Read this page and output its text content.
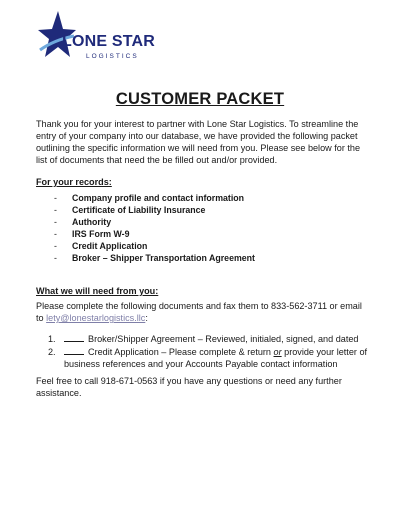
LONE STAR
LOGISTICS
CUSTOMER PACKET
Thank you for your interest to partner with Lone Star Logistics. To streamline the entry of your company into our database, we have provided the following packet outlining the specific information we will need from you. Please see below for the list of documents that need the be filled out and/or provided.
For your records:
- Company profile and contact information
- Certificate of Liability Insurance
- Authority
- IRS Form W-9
- Credit Application
- Broker – Shipper Transportation Agreement
What we will need from you:
Please complete the following documents and fax them to 833-562-3711 or email to lety@lonestarlogistics.llc:
1.	Broker/Shipper Agreement – Reviewed, initialed, signed, and dated
2.	Credit Application – Please complete & return or provide your letter of business references and your Accounts Payable contact information
Feel free to call 918-671-0563 if you have any questions or need any further assistance.
